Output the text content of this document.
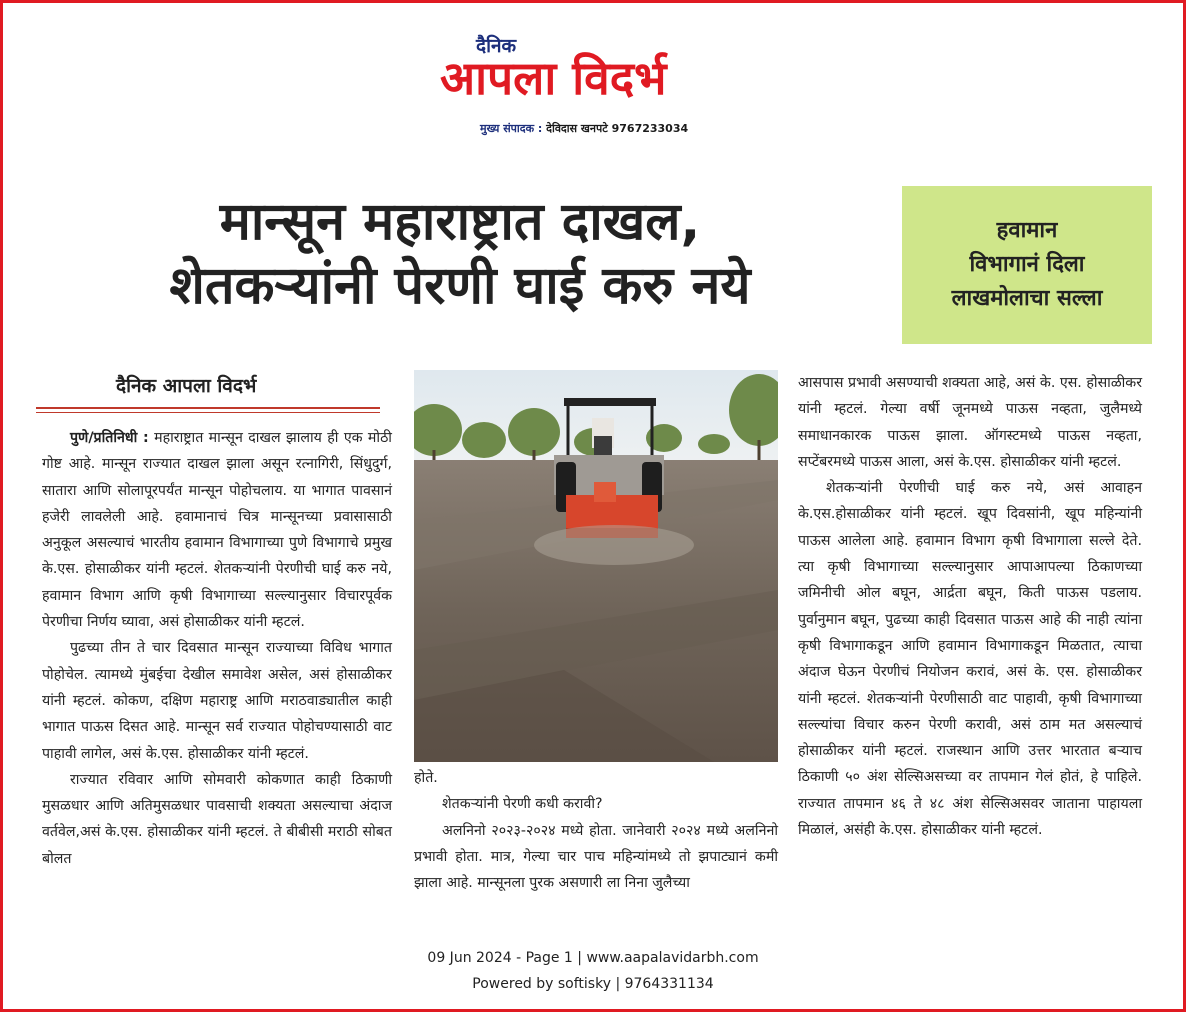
दैनिक
आपला विदर्भ
मुख्य संपादक : देविदास खनपटे 9767233034
मान्सून महाराष्ट्रात दाखल,
शेतकऱ्यांनी पेरणी घाई करु नये
हवामान
विभागानं दिला
लाखमोलाचा सल्ला
दैनिक आपला विदर्भ

पुणे/प्रतिनिधी : महाराष्ट्रात मान्सून दाखल झालाय ही एक मोठी गोष्ट आहे. मान्सून राज्यात दाखल झाला असून रत्नागिरी, सिंधुदुर्ग, सातारा आणि सोलापूरपर्यंत मान्सून पोहोचलाय. या भागात पावसानं हजेरी लावलेली आहे. हवामानाचं चित्र मान्सूनच्या प्रवासासाठी अनुकूल असल्याचं भारतीय हवामान विभागाच्या पुणे विभागाचे प्रमुख के.एस. होसाळीकर यांनी म्हटलं. शेतकऱ्यांनी पेरणीची घाई करु नये, हवामान विभाग आणि कृषी विभागाच्या सल्ल्यानुसार विचारपूर्वक पेरणीचा निर्णय घ्यावा, असं होसाळीकर यांनी म्हटलं.

पुढच्या तीन ते चार दिवसात मान्सून राज्याच्या विविध भागात पोहोचेल. त्यामध्ये मुंबईचा देखील समावेश असेल, असं होसाळीकर यांनी म्हटलं. कोकण, दक्षिण महाराष्ट्र आणि मराठवाड्यातील काही भागात पाऊस दिसत आहे. मान्सून सर्व राज्यात पोहोचण्यासाठी वाट पाहावी लागेल, असं के.एस. होसाळीकर यांनी म्हटलं.

राज्यात रविवार आणि सोमवारी कोकणात काही ठिकाणी मुसळधार आणि अतिमुसळधार पावसाची शक्यता असल्याचा अंदाज वर्तवेल,असं के.एस. होसाळीकर यांनी म्हटलं. ते बीबीसी मराठी सोबत बोलत

होते.

शेतकऱ्यांनी पेरणी कधी करावी?

अलनिनो २०२३-२०२४ मध्ये होता. जानेवारी २०२४ मध्ये अलनिनो प्रभावी होता. मात्र, गेल्या चार पाच महिन्यांमध्ये तो झपाट्यानं कमी झाला आहे. मान्सूनला पुरक असणारी ला निना जुलैच्या

आसपास प्रभावी असण्याची शक्यता आहे, असं के. एस. होसाळीकर यांनी म्हटलं. गेल्या वर्षी जूनमध्ये पाऊस नव्हता, जुलैमध्ये समाधानकारक पाऊस झाला. ऑगस्टमध्ये पाऊस नव्हता, सप्टेंबरमध्ये पाऊस आला, असं के.एस. होसाळीकर यांनी म्हटलं.

शेतकऱ्यांनी पेरणीची घाई करु नये, असं आवाहन के.एस.होसाळीकर यांनी म्हटलं. खूप दिवसांनी, खूप महिन्यांनी पाऊस आलेला आहे. हवामान विभाग कृषी विभागाला सल्ले देते. त्या कृषी विभागाच्या सल्ल्यानुसार आपाआपल्या ठिकाणच्या जमिनीची ओल बघून, आर्द्रता बघून, किती पाऊस पडलाय. पुर्वानुमान बघून, पुढच्या काही दिवसात पाऊस आहे की नाही त्यांना कृषी विभागाकडून आणि हवामान विभागाकडून मिळतात, त्याचा अंदाज घेऊन पेरणीचं नियोजन करावं, असं के. एस. होसाळीकर यांनी म्हटलं. शेतकऱ्यांनी पेरणीसाठी वाट पाहावी, कृषी विभागाच्या सल्ल्यांचा विचार करुन पेरणी करावी, असं ठाम मत असल्याचं होसाळीकर यांनी म्हटलं. राजस्थान आणि उत्तर भारतात बऱ्याच ठिकाणी ५० अंश सेल्सिअसच्या वर तापमान गेलं होतं, हे पाहिले. राज्यात तापमान ४६ ते ४८ अंश सेल्सिअसवर जाताना पाहायला मिळालं, असंही के.एस. होसाळीकर यांनी म्हटलं.

09 Jun 2024 - Page 1 | www.aapalavidarbh.com
Powered by softisky | 9764331134
